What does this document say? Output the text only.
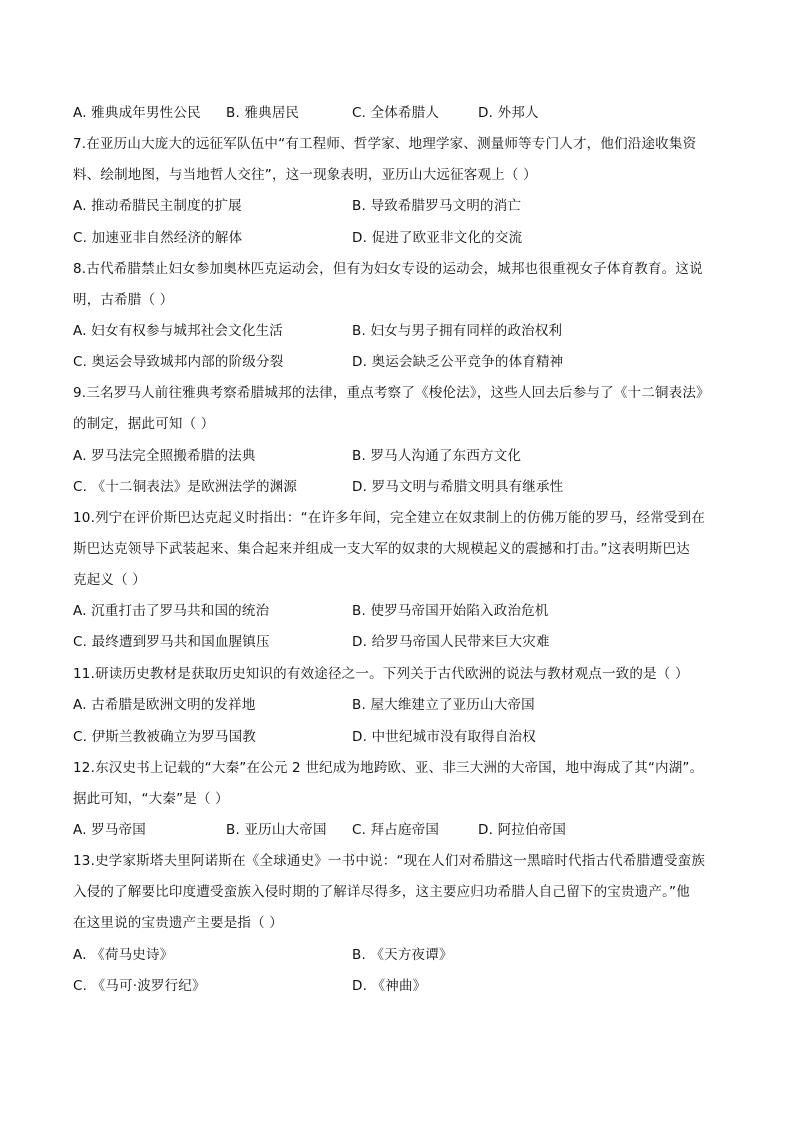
A. 雅典成年男性公民 B. 雅典居民	C. 全体希腊人	D. 外邦人
7.在亚历山大庞大的远征军队伍中“有工程师、哲学家、地理学家、测量师等专门人才，他们沿途收集资
料、绘制地图，与当地哲人交往”，这一现象表明，亚历山大远征客观上（ ）
A. 推动希腊民主制度的扩展	B. 导致希腊罗马文明的消亡
C. 加速亚非自然经济的解体	D. 促进了欧亚非文化的交流
8.古代希腊禁止妇女参加奥林匹克运动会，但有为妇女专设的运动会，城邦也很重视女子体育教育。这说
明，古希腊（ ）
A. 妇女有权参与城邦社会文化生活	B. 妇女与男子拥有同样的政治权利
C. 奥运会导致城邦内部的阶级分裂	D. 奥运会缺乏公平竞争的体育精神
9.三名罗马人前往雅典考察希腊城邦的法律，重点考察了《梭伦法》，这些人回去后参与了《十二铜表法》
的制定，据此可知（ ）
A. 罗马法完全照搬希腊的法典	B. 罗马人沟通了东西方文化
C. 《十二铜表法》是欧洲法学的渊源	D. 罗马文明与希腊文明具有继承性
10.列宁在评价斯巴达克起义时指出：“在许多年间，完全建立在奴隶制上的仿佛万能的罗马，经常受到在
斯巴达克领导下武装起来、集合起来并组成一支大军的奴隶的大规模起义的震撼和打击。”这表明斯巴达
克起义（ ）
A. 沉重打击了罗马共和国的统治	B. 使罗马帝国开始陷入政治危机
C. 最终遭到罗马共和国血腥镇压	D. 给罗马帝国人民带来巨大灾难
11.研读历史教材是获取历史知识的有效途径之一。下列关于古代欧洲的说法与教材观点一致的是（ ）
A. 古希腊是欧洲文明的发祥地	B. 屋大维建立了亚历山大帝国
C. 伊斯兰教被确立为罗马国教	D. 中世纪城市没有取得自治权
12.东汉史书上记载的“大秦”在公元 2 世纪成为地跨欧、亚、非三大洲的大帝国，地中海成了其“内湖”。
据此可知，“大秦”是（ ）
A. 罗马帝国	B. 亚历山大帝国 C. 拜占庭帝国	D. 阿拉伯帝国
13.史学家斯塔夫里阿诺斯在《全球通史》一书中说：“现在人们对希腊这一黑暗时代指古代希腊遭受蛮族
入侵的了解要比印度遭受蛮族入侵时期的了解详尽得多，这主要应归功希腊人自己留下的宝贵遗产。”他
在这里说的宝贵遗产主要是指（ ）
A. 《荷马史诗》	B. 《天方夜谭》
C. 《马可·波罗行纪》	D. 《神曲》
